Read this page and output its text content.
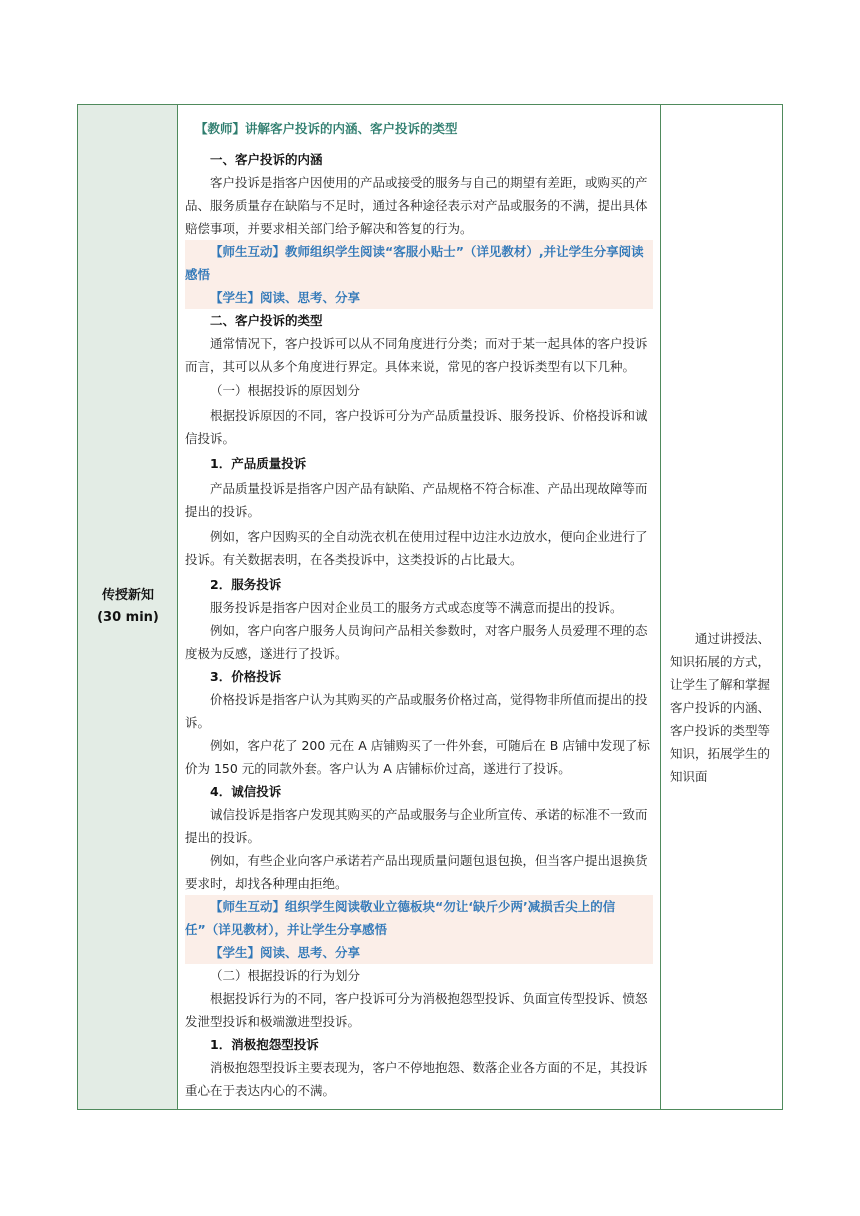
传授新知
(30 min)
通过讲授法、知识拓展的方式，让学生了解和掌握客户投诉的内涵、客户投诉的类型等知识，拓展学生的知识面

【教师】讲解客户投诉的内涵、客户投诉的类型

一、客户投诉的内涵

客户投诉是指客户因使用的产品或接受的服务与自己的期望有差距，或购买的产品、服务质量存在缺陷与不足时，通过各种途径表示对产品或服务的不满，提出具体赔偿事项，并要求相关部门给予解决和答复的行为。

【师生互动】教师组织学生阅读“客服小贴士”（详见教材）,并让学生分享阅读感悟

【学生】阅读、思考、分享

二、客户投诉的类型

通常情况下，客户投诉可以从不同角度进行分类；而对于某一起具体的客户投诉而言，其可以从多个角度进行界定。具体来说，常见的客户投诉类型有以下几种。

（一）根据投诉的原因划分

根据投诉原因的不同，客户投诉可分为产品质量投诉、服务投诉、价格投诉和诚信投诉。

1．产品质量投诉

产品质量投诉是指客户因产品有缺陷、产品规格不符合标准、产品出现故障等而提出的投诉。

例如，客户因购买的全自动洗衣机在使用过程中边注水边放水，便向企业进行了投诉。有关数据表明，在各类投诉中，这类投诉的占比最大。

2．服务投诉

服务投诉是指客户因对企业员工的服务方式或态度等不满意而提出的投诉。

例如，客户向客户服务人员询问产品相关参数时，对客户服务人员爱理不理的态度极为反感，遂进行了投诉。

3．价格投诉

价格投诉是指客户认为其购买的产品或服务价格过高，觉得物非所值而提出的投诉。

例如，客户花了 200 元在 A 店铺购买了一件外套，可随后在 B 店铺中发现了标价为 150 元的同款外套。客户认为 A 店铺标价过高，遂进行了投诉。

4．诚信投诉

诚信投诉是指客户发现其购买的产品或服务与企业所宣传、承诺的标准不一致而提出的投诉。

例如，有些企业向客户承诺若产品出现质量问题包退包换，但当客户提出退换货要求时，却找各种理由拒绝。

【师生互动】组织学生阅读敬业立德板块“勿让‘缺斤少两’减损舌尖上的信任”（详见教材），并让学生分享感悟

【学生】阅读、思考、分享

（二）根据投诉的行为划分

根据投诉行为的不同，客户投诉可分为消极抱怨型投诉、负面宣传型投诉、愤怒发泄型投诉和极端激进型投诉。

1．消极抱怨型投诉

消极抱怨型投诉主要表现为，客户不停地抱怨、数落企业各方面的不足，其投诉重心在于表达内心的不满。
